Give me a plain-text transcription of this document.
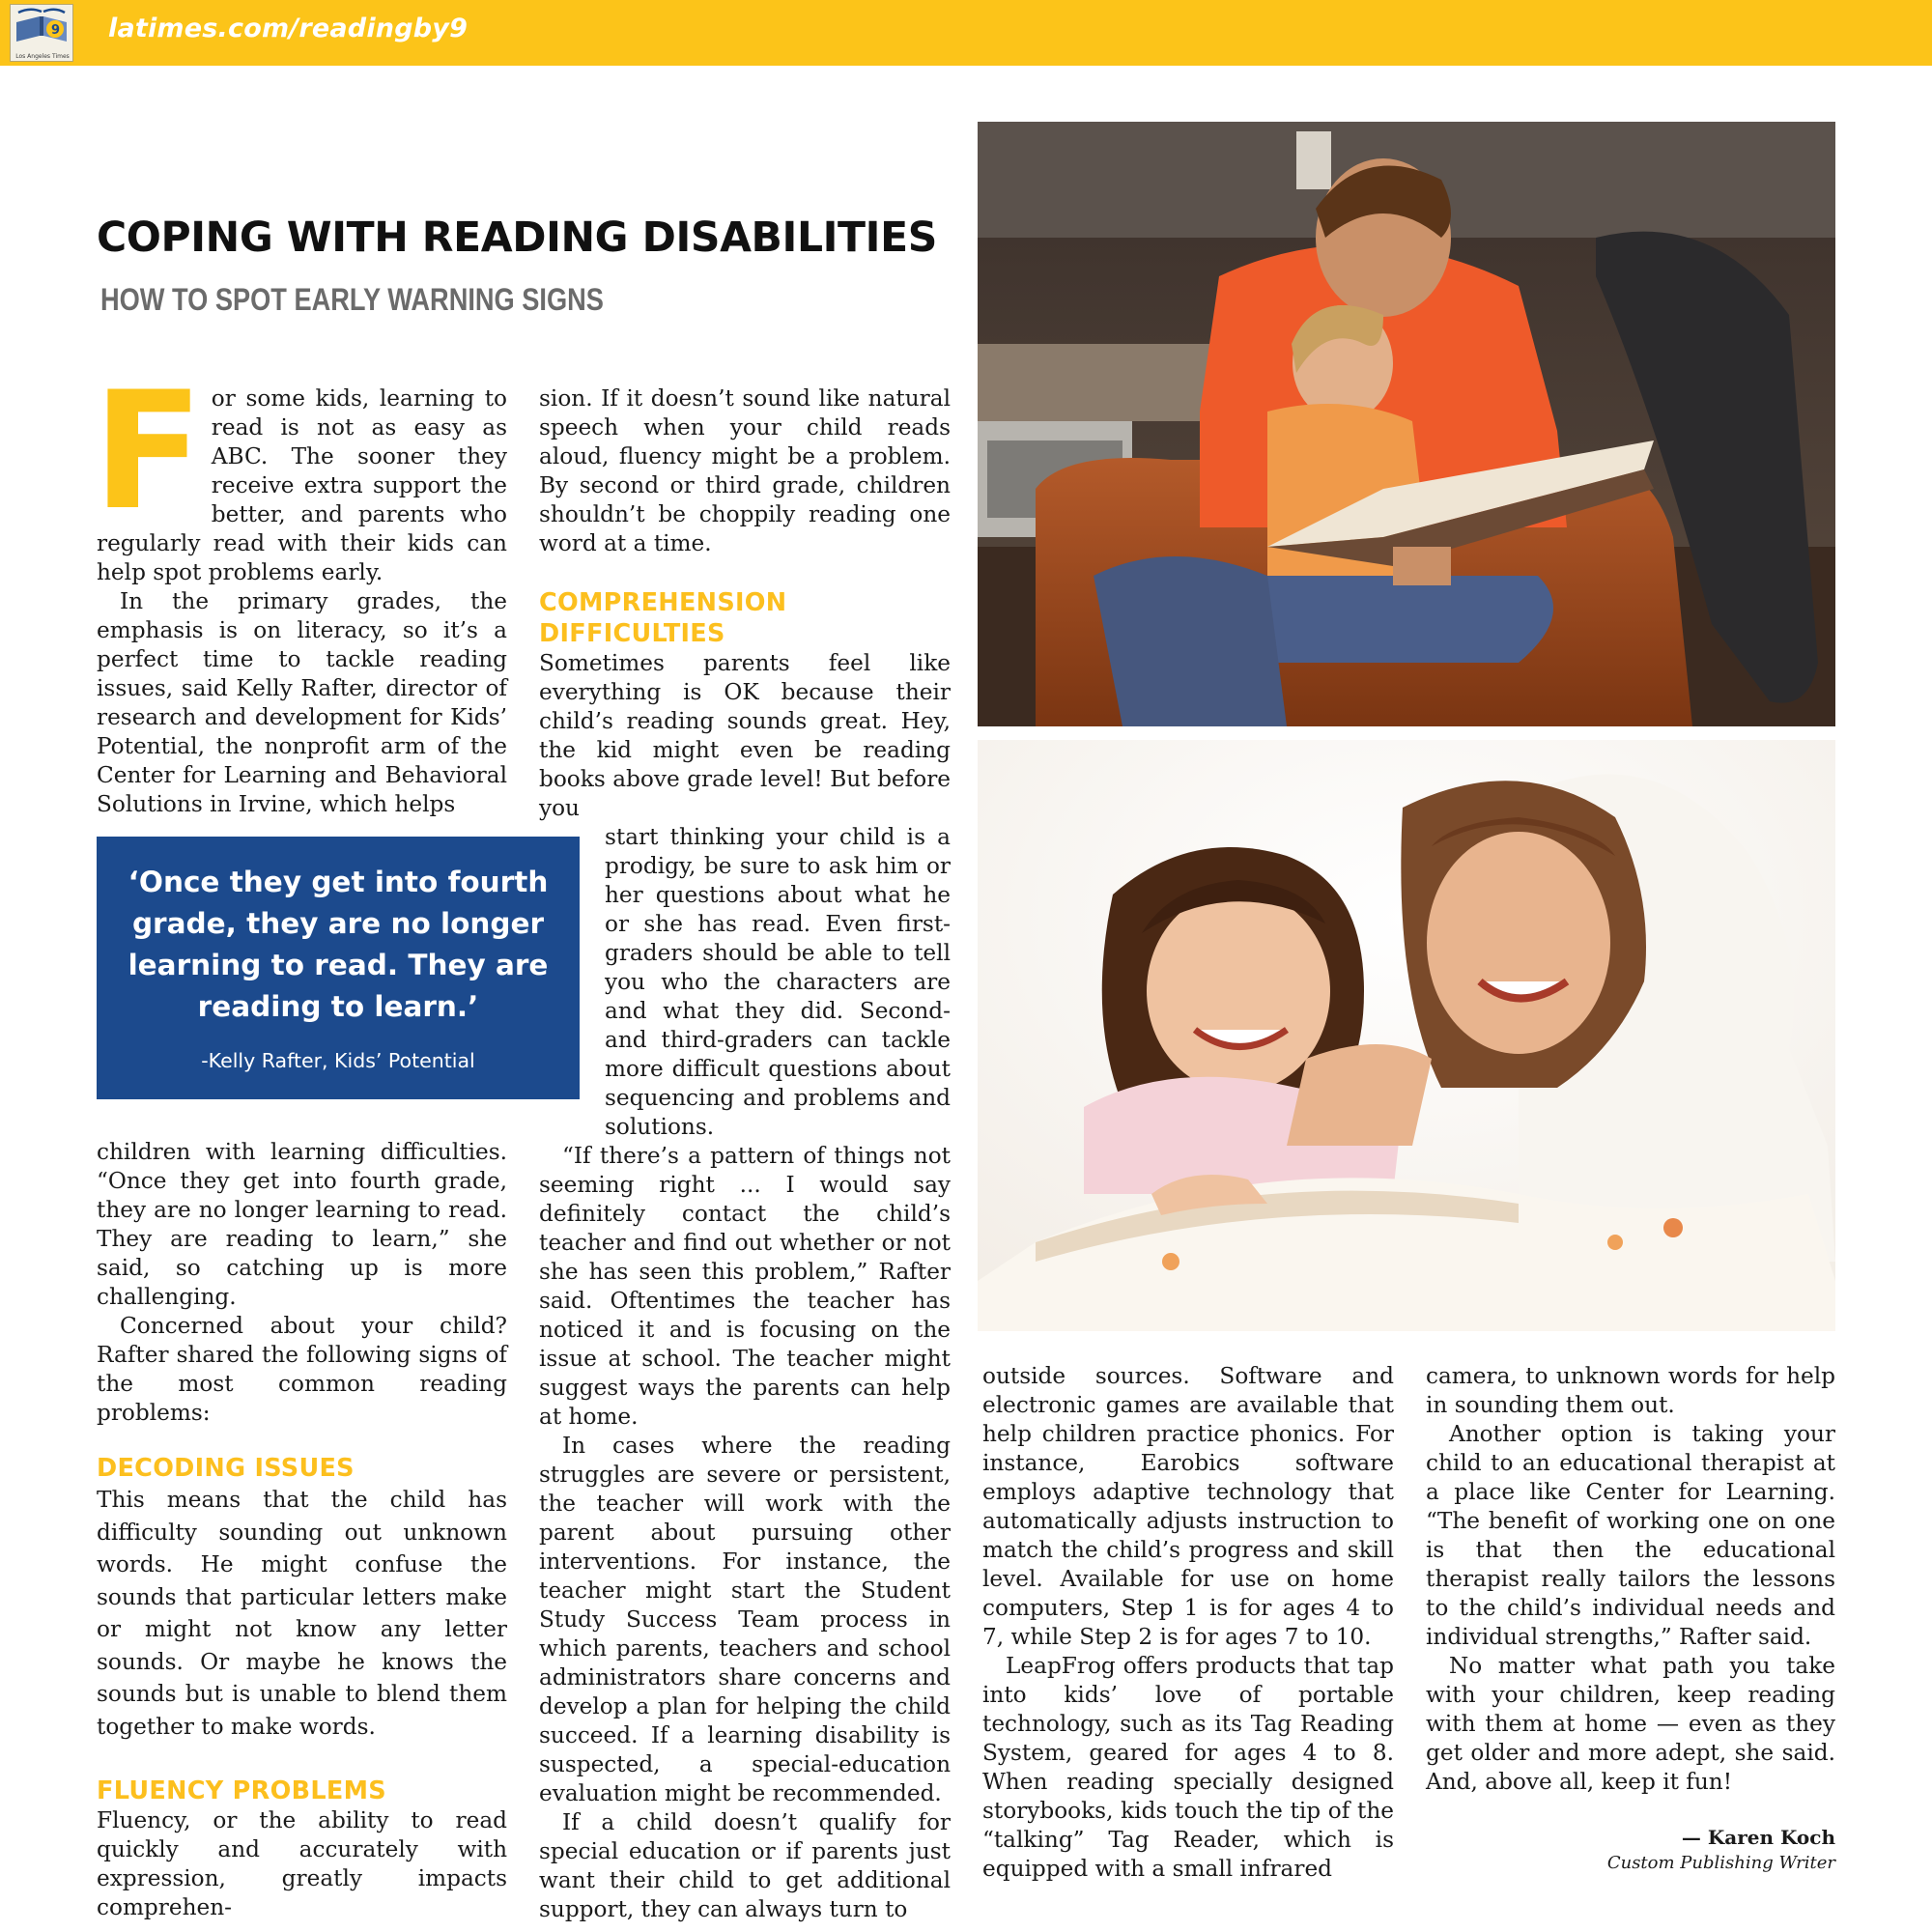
9
Los Angeles Times
latimes.com/readingby9
COPING WITH READING DISABILITIES
HOW TO SPOT EARLY WARNING SIGNS
F or some kids, learning to read is not as easy as ABC. The sooner they receive extra support the better, and parents who regularly read with their kids can help spot problems early.

In the primary grades, the emphasis is on literacy, so it’s a perfect time to tackle reading issues, said Kelly Rafter, director of research and development for Kids’ Potential, the nonprofit arm of the Center for Learning and Behavioral Solutions in Irvine, which helps

‘Once they get into fourth grade, they are no longer learning to read. They are reading to learn.’

-Kelly Rafter, Kids’ Potential

children with learning difficulties. “Once they get into fourth grade, they are no longer learning to read. They are reading to learn,” she said, so catching up is more challenging.

Concerned about your child? Rafter shared the following signs of the most common reading problems:

DECODING ISSUES

This means that the child has difficulty sounding out unknown words. He might confuse the sounds that particular letters make or might not know any letter sounds. Or maybe he knows the sounds but is unable to blend them together to make words.

FLUENCY PROBLEMS

Fluency, or the ability to read quickly and accurately with expression, greatly impacts comprehen-

sion. If it doesn’t sound like natural speech when your child reads aloud, fluency might be a problem. By second or third grade, children shouldn’t be choppily reading one word at a time.

COMPREHENSION DIFFICULTIES

Sometimes parents feel like everything is OK because their child’s reading sounds great. Hey, the kid might even be reading books above grade level! But before you

start thinking your child is a prodigy, be sure to ask him or her questions about what he or she has read. Even first-graders should be able to tell you who the characters are and what they did. Second- and third-graders can tackle more difficult questions about sequencing and problems and solutions.

“If there’s a pattern of things not seeming right ... I would say definitely contact the child’s teacher and find out whether or not she has seen this problem,” Rafter said. Oftentimes the teacher has noticed it and is focusing on the issue at school. The teacher might suggest ways the parents can help at home.

In cases where the reading struggles are severe or persistent, the teacher will work with the parent about pursuing other interventions. For instance, the teacher might start the Student Study Success Team process in which parents, teachers and school administrators share concerns and develop a plan for helping the child succeed. If a learning disability is suspected, a special-education evaluation might be recommended.

If a child doesn’t qualify for special education or if parents just want their child to get additional support, they can always turn to

outside sources. Software and electronic games are available that help children practice phonics. For instance, Earobics software employs adaptive technology that automatically adjusts instruction to match the child’s progress and skill level. Available for use on home computers, Step 1 is for ages 4 to 7, while Step 2 is for ages 7 to 10.

LeapFrog offers products that tap into kids’ love of portable technology, such as its Tag Reading System, geared for ages 4 to 8. When reading specially designed storybooks, kids touch the tip of the “talking” Tag Reader, which is equipped with a small infrared

camera, to unknown words for help in sounding them out.

Another option is taking your child to an educational therapist at a place like Center for Learning. “The benefit of working one on one is that then the educational therapist really tailors the lessons to the child’s individual needs and individual strengths,” Rafter said.

No matter what path you take with your children, keep reading with them at home — even as they get older and more adept, she said. And, above all, keep it fun!

— Karen Koch
Custom Publishing Writer
